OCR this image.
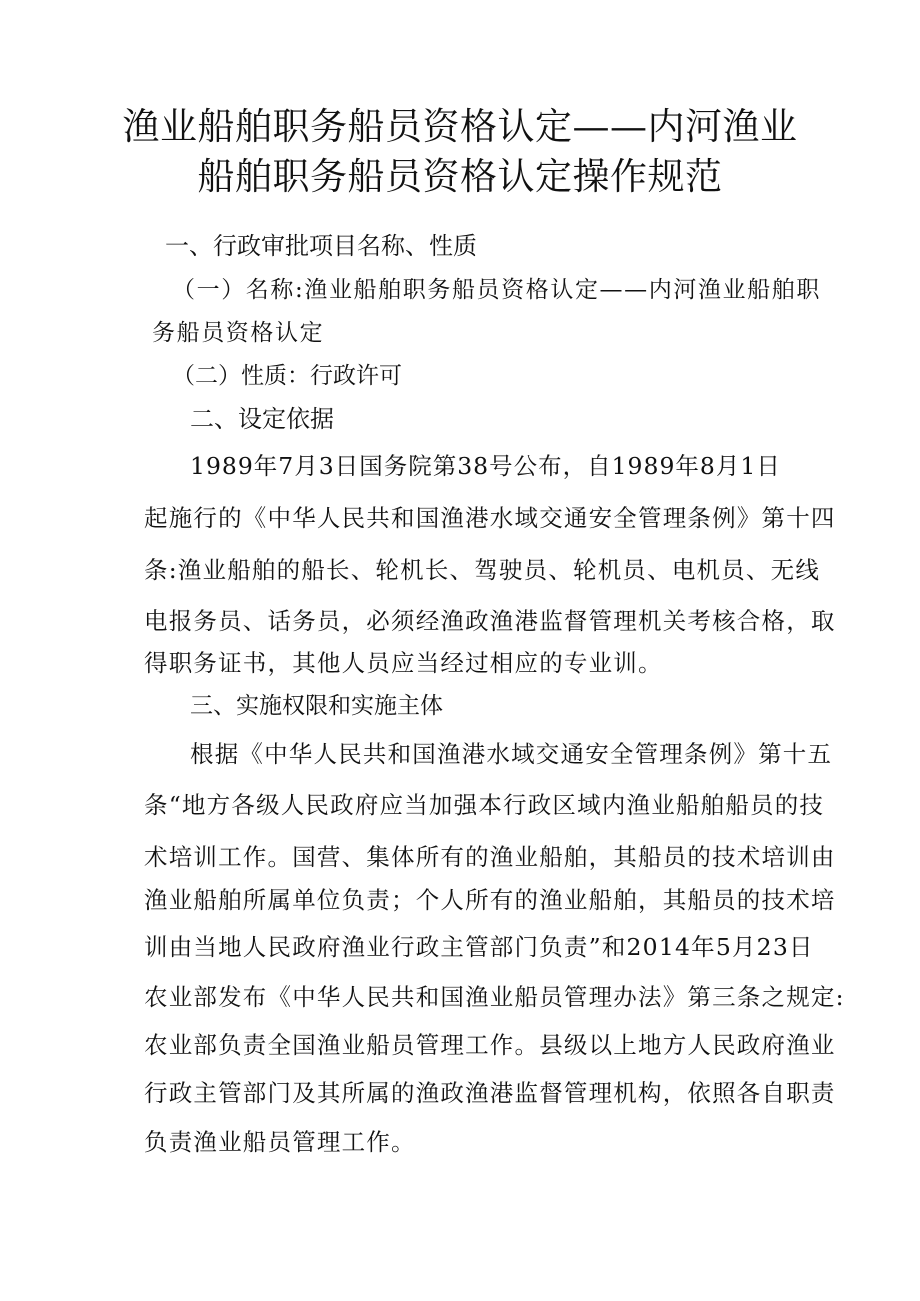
渔业船舶职务船员资格认定——内河渔业
船舶职务船员资格认定操作规范
一、行政审批项目名称、性质
（一）名称:渔业船舶职务船员资格认定——内河渔业船舶职
务船员资格认定
（二）性质：行政许可
二、设定依据
1989年7月3日国务院第38号公布，自1989年8月1日
起施行的《中华人民共和国渔港水域交通安全管理条例》第十四
条:渔业船舶的船长、轮机长、驾驶员、轮机员、电机员、无线
电报务员、话务员，必须经渔政渔港监督管理机关考核合格，取
得职务证书，其他人员应当经过相应的专业训。
三、实施权限和实施主体
根据《中华人民共和国渔港水域交通安全管理条例》第十五
条“地方各级人民政府应当加强本行政区域内渔业船舶船员的技
术培训工作。国营、集体所有的渔业船舶，其船员的技术培训由
渔业船舶所属单位负责；个人所有的渔业船舶，其船员的技术培
训由当地人民政府渔业行政主管部门负责”和2014年5月23日
农业部发布《中华人民共和国渔业船员管理办法》第三条之规定:
农业部负责全国渔业船员管理工作。县级以上地方人民政府渔业
行政主管部门及其所属的渔政渔港监督管理机构，依照各自职责
负责渔业船员管理工作。
